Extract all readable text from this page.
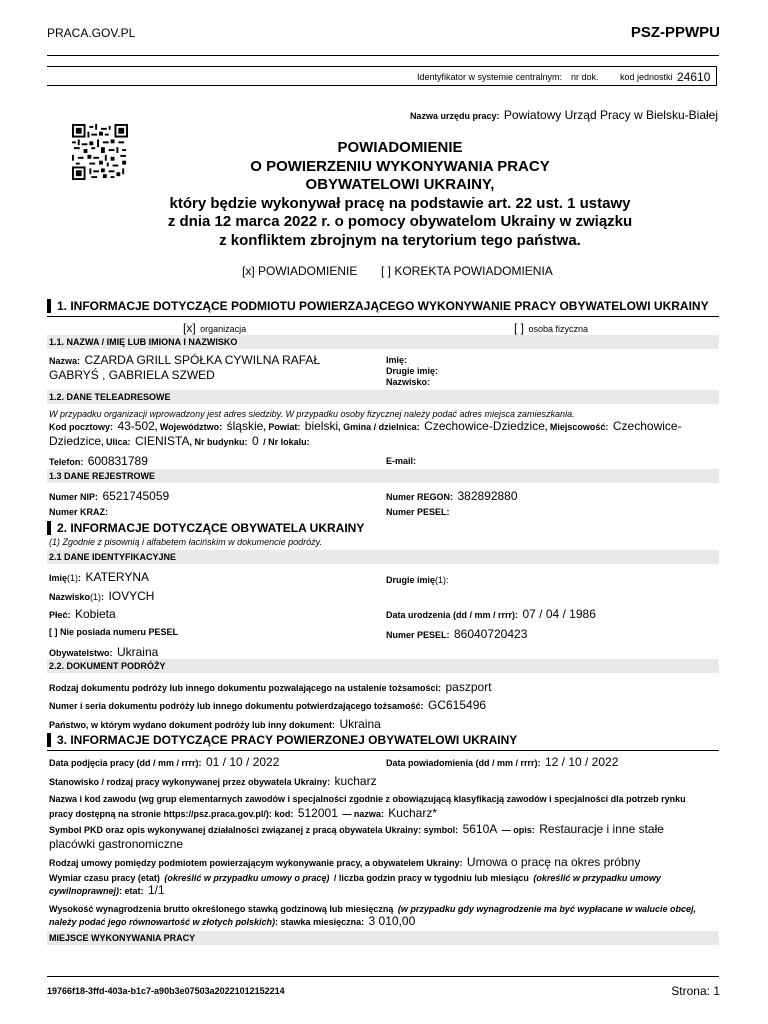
PRACA.GOV.PL	PSZ-PPWPU
Identyfikator w systemie centralnym: nr dok. kod jednostki 24610
Nazwa urzędu pracy: Powiatowy Urząd Pracy w Bielsku-Białej
POWIADOMIENIE
O POWIERZENIU WYKONYWANIA PRACY
OBYWATELOWI UKRAINY,
który będzie wykonywał pracę na podstawie art. 22 ust. 1 ustawy
z dnia 12 marca 2022 r. o pomocy obywatelom Ukrainy w związku
z konfliktem zbrojnym na terytorium tego państwa.
[x] POWIADOMIENIE [ ] KOREKTA POWIADOMIENIA
1. INFORMACJE DOTYCZĄCE PODMIOTU POWIERZAJĄCEGO WYKONYWANIE PRACY OBYWATELOWI UKRAINY
[x] organizacja	[ ] osoba fizyczna
1.1. NAZWA / IMIĘ LUB IMIONA I NAZWISKO
Nazwa: CZARDA GRILL SPÓŁKA CYWILNA RAFAŁ
GABRYŚ , GABRIELA SZWED
Imię:
Drugie imię:
Nazwisko:
1.2. DANE TELEADRESOWE
W przypadku organizacji wprowadzony jest adres siedziby. W przypadku osoby fizycznej należy podać adres miejsca zamieszkania.
Kod pocztowy: 43-502, Województwo: śląskie, Powiat: bielski, Gmina / dzielnica: Czechowice-Dziedzice, Miejscowość: Czechowice-
Dziedzice, Ulica: CIENISTA, Nr budynku: 0 / Nr lokalu:
Telefon: 600831789	E-mail:
1.3 DANE REJESTROWE
Numer NIP: 6521745059	Numer REGON: 382892880
Numer KRAZ:	Numer PESEL:
2. INFORMACJE DOTYCZĄCE OBYWATELA UKRAINY
(1) Zgodnie z pisownią i alfabetem łacińskim w dokumencie podróży.
2.1 DANE IDENTYFIKACYJNE
Imię(1): KATERYNA	Drugie imię(1):
Nazwisko(1): IOVYCH
Płeć: Kobieta	Data urodzenia (dd / mm / rrrr): 07 / 04 / 1986
[ ] Nie posiada numeru PESEL	Numer PESEL: 86040720423
Obywatelstwo: Ukraina
2.2. DOKUMENT PODRÓŻY
Rodzaj dokumentu podróży lub innego dokumentu pozwalającego na ustalenie tożsamości: paszport
Numer i seria dokumentu podróży lub innego dokumentu potwierdzającego tożsamość: GC615496
Państwo, w którym wydano dokument podróży lub inny dokument: Ukraina
3. INFORMACJE DOTYCZĄCE PRACY POWIERZONEJ OBYWATELOWI UKRAINY
Data podjęcia pracy (dd / mm / rrrr): 01 / 10 / 2022	Data powiadomienia (dd / mm / rrrr): 12 / 10 / 2022
Stanowisko / rodzaj pracy wykonywanej przez obywatela Ukrainy: kucharz
Nazwa i kod zawodu (wg grup elementarnych zawodów i specjalności zgodnie z obowiązującą klasyfikacją zawodów i specjalności dla potrzeb rynku
pracy dostępną na stronie https://psz.praca.gov.pl/): kod: 512001 — nazwa: Kucharz*
Symbol PKD oraz opis wykonywanej działalności związanej z pracą obywatela Ukrainy: symbol: 5610A — opis: Restauracje i inne stałe
placówki gastronomiczne
Rodzaj umowy pomiędzy podmiotem powierzającym wykonywanie pracy, a obywatelem Ukrainy: Umowa o pracę na okres próbny
Wymiar czasu pracy (etat) (określić w przypadku umowy o pracę) / liczba godzin pracy w tygodniu lub miesiącu (określić w przypadku umowy
cywilnoprawnej): etat: 1/1
Wysokość wynagrodzenia brutto określonego stawką godzinową lub miesięczną (w przypadku gdy wynagrodzenie ma być wypłacane w walucie obcej,
należy podać jego równowartość w złotych polskich): stawka miesięczna: 3 010,00
MIEJSCE WYKONYWANIA PRACY
19766f18-3ffd-403a-b1c7-a90b3e07503a20221012152214	Strona: 1
